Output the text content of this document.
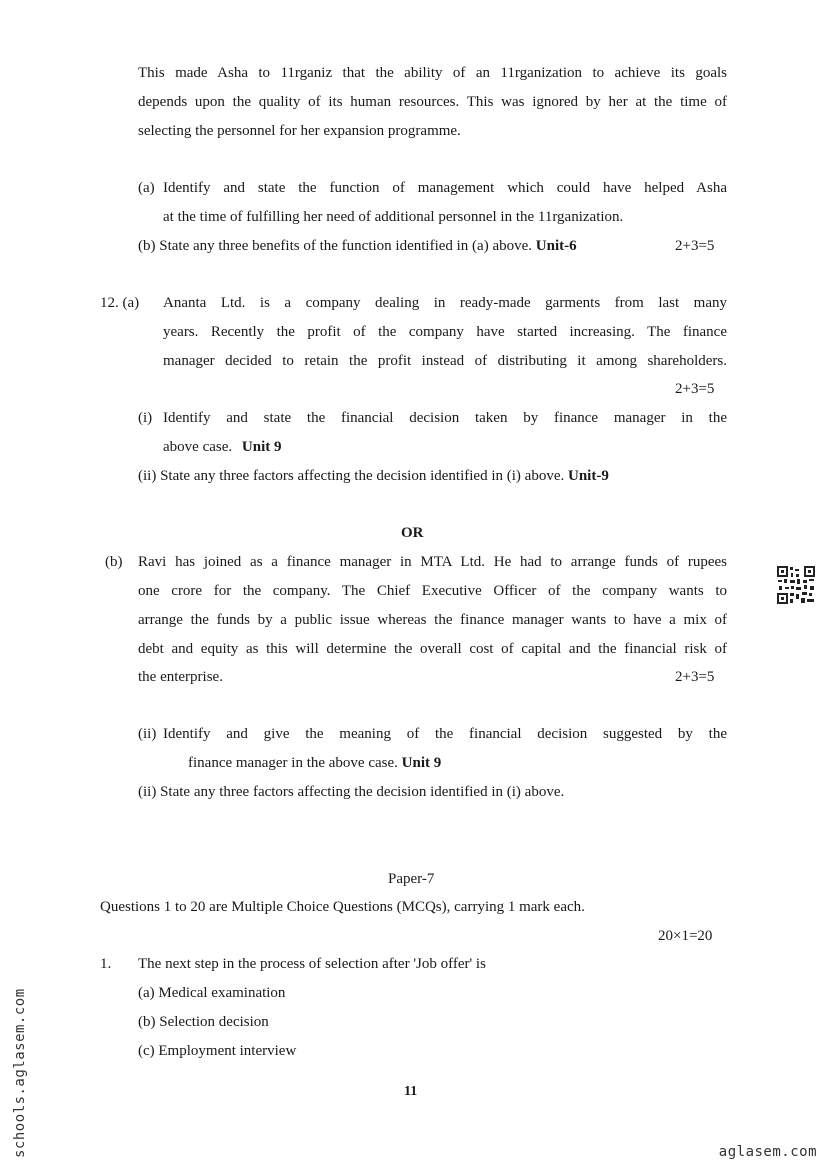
This made Asha to 11rganiz that the ability of an 11rganization to achieve its goals
depends upon the quality of its human resources. This was ignored by her at the time of
selecting the personnel for her expansion programme.
(a) Identify and state the function of management which could have helped Asha
at the time of fulfilling her need of additional personnel in the 11rganization.
(b) State any three benefits of the function identified in (a) above. Unit-6	2+3=5
12. (a) Ananta Ltd. is a company dealing in ready-made garments from last many
years. Recently the profit of the company have started increasing. The finance
manager decided to retain the profit instead of distributing it among shareholders.
2+3=5
(i) Identify and state the financial decision taken by finance manager in the
above case. Unit 9
(ii) State any three factors affecting the decision identified in (i) above. Unit-9
OR
(b) Ravi has joined as a finance manager in MTA Ltd. He had to arrange funds of rupees
one crore for the company. The Chief Executive Officer of the company wants to
arrange the funds by a public issue whereas the finance manager wants to have a mix of
debt and equity as this will determine the overall cost of capital and the financial risk of
the enterprise.	2+3=5
(ii) Identify and give the meaning of the financial decision suggested by the
finance manager in the above case. Unit 9
(ii) State any three factors affecting the decision identified in (i) above.
Paper-7
Questions 1 to 20 are Multiple Choice Questions (MCQs), carrying 1 mark each.
20×1=20
1. The next step in the process of selection after 'Job offer' is
(a) Medical examination
(b) Selection decision
(c) Employment interview
11
schools.aglasem.com	aglasem.com
